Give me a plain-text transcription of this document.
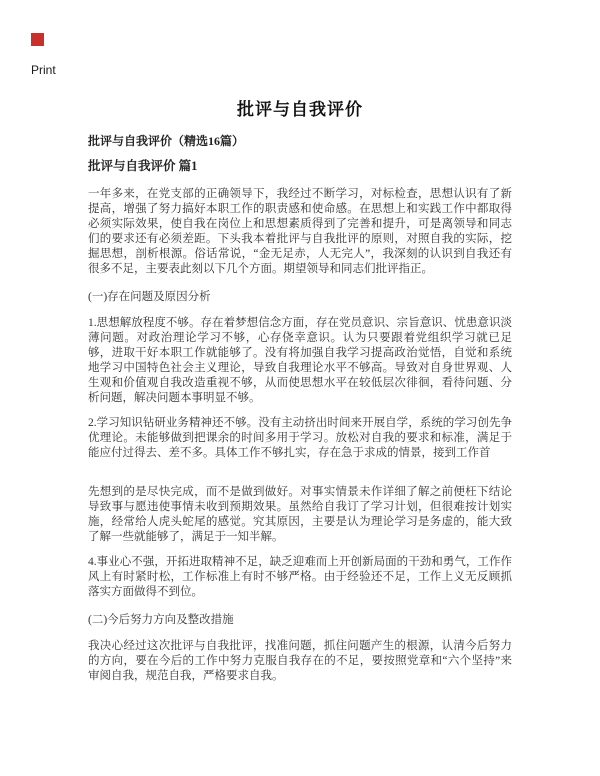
Print
批评与自我评价
批评与自我评价（精选16篇）
批评与自我评价 篇1

一年多来，在党支部的正确领导下，我经过不断学习，对标检查，思想认识有了新提高，增强了努力搞好本职工作的职责感和使命感。在思想上和实践工作中都取得必须实际效果，使自我在岗位上和思想素质得到了完善和提升，可是离领导和同志们的要求还有必须差距。下头我本着批评与自我批评的原则，对照自我的实际，挖掘思想，剖析根源。俗话常说，“金无足赤，人无完人”，我深刻的认识到自我还有很多不足，主要表此刻以下几个方面。期望领导和同志们批评指正。

(一)存在问题及原因分析

1.思想解放程度不够。存在着梦想信念方面，存在党员意识、宗旨意识、忧患意识淡薄问题。对政治理论学习不够，心存侥幸意识。认为只要跟着党组织学习就已足够，进取干好本职工作就能够了。没有将加强自我学习提高政治觉悟，自觉和系统地学习中国特色社会主义理论，导致自我理论水平不够高。导致对自身世界观、人生观和价值观自我改造重视不够，从而使思想水平在较低层次徘徊，看待问题、分析问题，解决问题本事明显不够。

2.学习知识钻研业务精神还不够。没有主动挤出时间来开展自学，系统的学习创先争优理论。未能够做到把课余的时间多用于学习。放松对自我的要求和标准，满足于能应付过得去、差不多。具体工作不够扎实，存在急于求成的情景，接到工作首

先想到的是尽快完成，而不是做到做好。对事实情景未作详细了解之前便枉下结论导致事与愿违使事情未收到预期效果。虽然给自我订了学习计划，但很难按计划实施，经常给人虎头蛇尾的感觉。究其原因，主要是认为理论学习是务虚的，能大致了解一些就能够了，满足于一知半解。

4.事业心不强，开拓进取精神不足，缺乏迎难而上开创新局面的干劲和勇气，工作作风上有时紧时松，工作标准上有时不够严格。由于经验还不足，工作上义无反顾抓落实方面做得不到位。

(二)今后努力方向及整改措施

我决心经过这次批评与自我批评，找准问题，抓住问题产生的根源，认清今后努力的方向，要在今后的工作中努力克服自我存在的不足，要按照党章和“六个坚持”来审阅自我，规范自我，严格要求自我。
